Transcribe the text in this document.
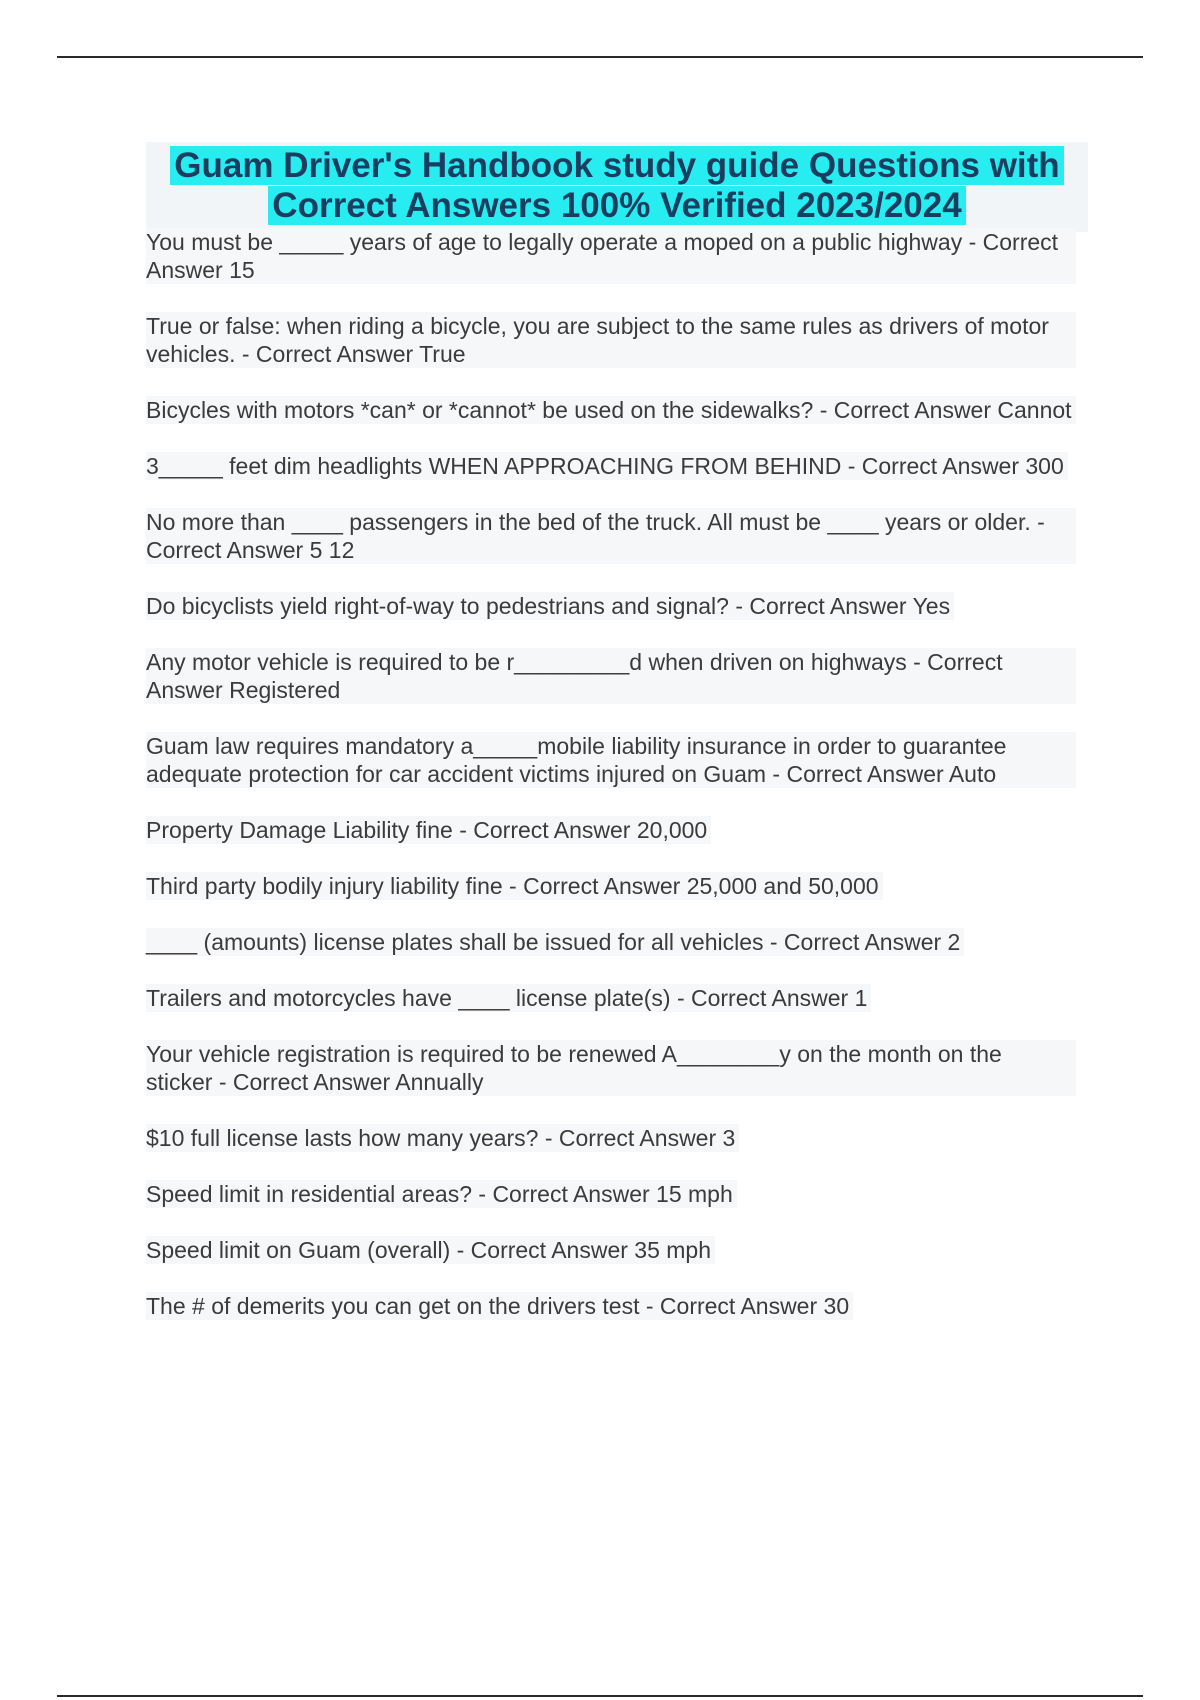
Guam Driver's Handbook study guide Questions with
Correct Answers 100% Verified 2023/2024
You must be _____ years of age to legally operate a moped on a public highway - Correct Answer 15
True or false: when riding a bicycle, you are subject to the same rules as drivers of motor vehicles. - Correct Answer True
Bicycles with motors *can* or *cannot* be used on the sidewalks? - Correct Answer Cannot
3_____ feet dim headlights WHEN APPROACHING FROM BEHIND - Correct Answer 300
No more than ____ passengers in the bed of the truck. All must be ____ years or older. - Correct Answer 5 12
Do bicyclists yield right-of-way to pedestrians and signal? - Correct Answer Yes
Any motor vehicle is required to be r_________d when driven on highways - Correct Answer Registered
Guam law requires mandatory a_____mobile liability insurance in order to guarantee adequate protection for car accident victims injured on Guam - Correct Answer Auto
Property Damage Liability fine - Correct Answer 20,000
Third party bodily injury liability fine - Correct Answer 25,000 and 50,000
____ (amounts) license plates shall be issued for all vehicles - Correct Answer 2
Trailers and motorcycles have ____ license plate(s) - Correct Answer 1
Your vehicle registration is required to be renewed A________y on the month on the sticker - Correct Answer Annually
$10 full license lasts how many years? - Correct Answer 3
Speed limit in residential areas? - Correct Answer 15 mph
Speed limit on Guam (overall) - Correct Answer 35 mph
The # of demerits you can get on the drivers test - Correct Answer 30
